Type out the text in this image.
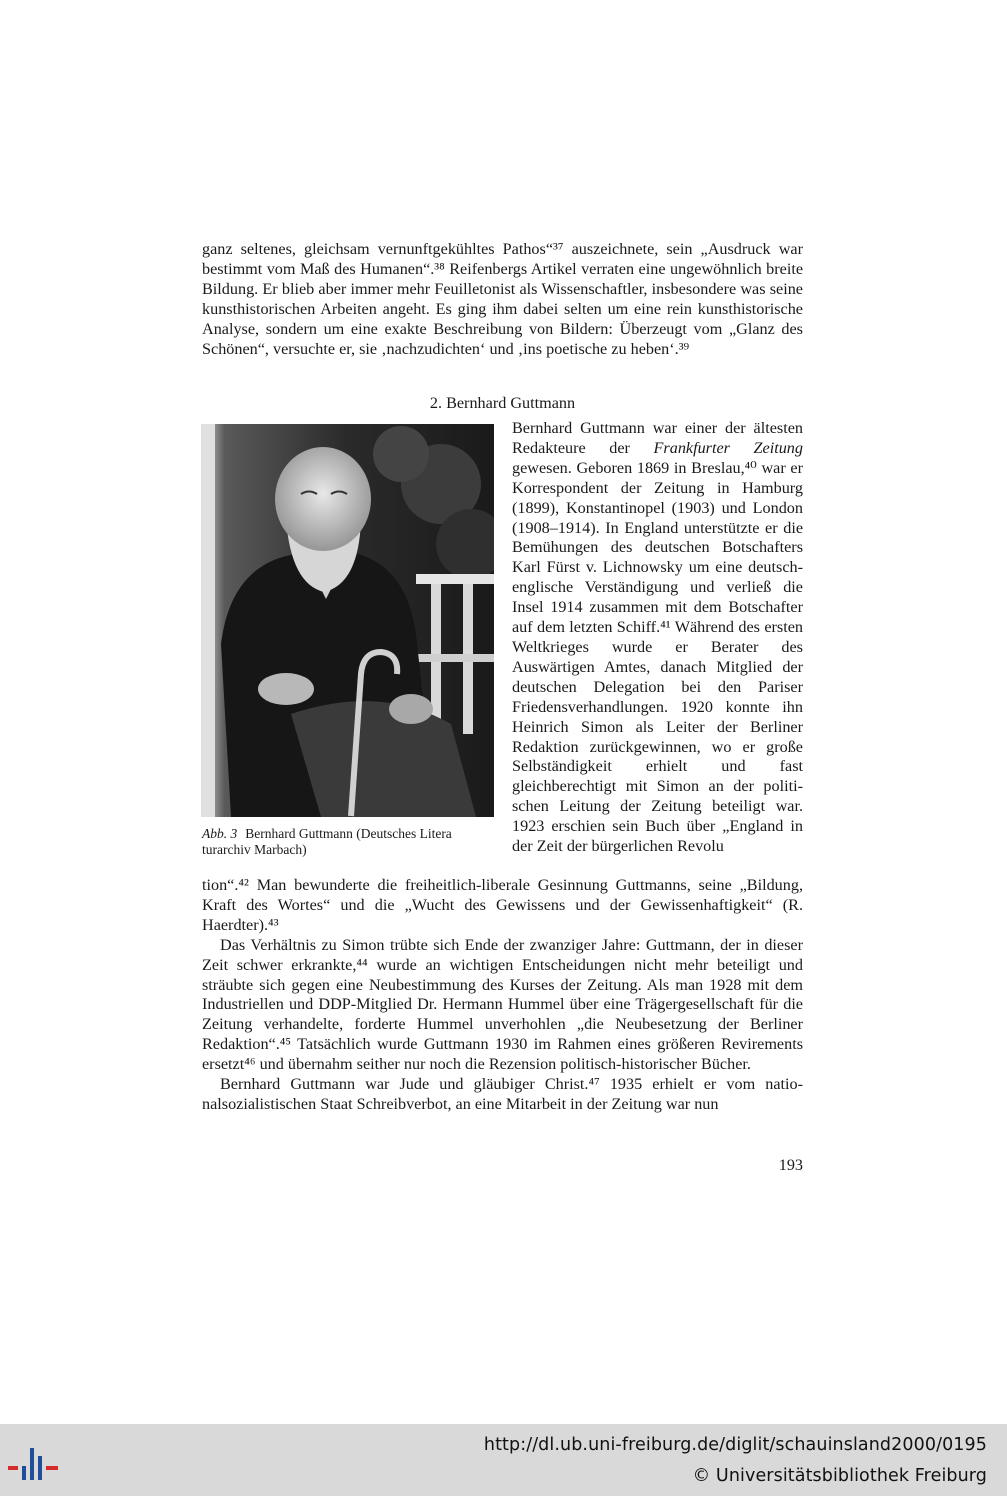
ganz seltenes, gleichsam vernunftgekühltes Pathos“³⁷ auszeichnete, sein „Ausdruck war bestimmt vom Maß des Humanen“.³⁸ Reifenbergs Artikel verraten eine ungewöhnlich breite Bildung. Er blieb aber immer mehr Feuilletonist als Wissenschaftler, insbesondere was seine kunsthistorischen Arbeiten angeht. Es ging ihm dabei selten um eine rein kunsthistorische Analyse, sondern um eine exakte Beschreibung von Bildern: Überzeugt vom „Glanz des Schönen“, versuchte er, sie ‚nachzudichten‘ und ‚ins poetische zu heben‘.³⁹

2. Bernhard Guttmann
Abb. 3 Bernhard Guttmann (Deutsches Litera turarchiv Marbach)

Bernhard Guttmann war einer der ältesten Redakteure der Frankfurter Zeitung gewesen. Geboren 1869 in Breslau,⁴⁰ war er Korrespondent der Zeitung in Hamburg (1899), Konstantinopel (1903) und London (1908–1914). In England unterstützte er die Bemühungen des deutschen Botschafters Karl Fürst v. Lichnowsky um eine deutsch-englische Verständigung und verließ die Insel 1914 zusammen mit dem Botschafter auf dem letzten Schiff.⁴¹ Während des ersten Weltkrieges wurde er Berater des Auswärtigen Amtes, danach Mitglied der deutschen Delegation bei den Pariser Friedensverhandlungen. 1920 konnte ihn Heinrich Simon als Leiter der Berliner Redaktion zurückgewinnen, wo er große Selbständigkeit erhielt und fast gleichberechtigt mit Simon an der politischen Leitung der Zeitung beteiligt war. 1923 erschien sein Buch über „England in der Zeit der bürgerlichen Revolu

tion“.⁴² Man bewunderte die freiheitlich-liberale Gesinnung Guttmanns, seine „Bildung, Kraft des Wortes“ und die „Wucht des Gewissens und der Gewissenhaftigkeit“ (R. Haerdter).⁴³

Das Verhältnis zu Simon trübte sich Ende der zwanziger Jahre: Guttmann, der in dieser Zeit schwer erkrankte,⁴⁴ wurde an wichtigen Entscheidungen nicht mehr beteiligt und sträubte sich gegen eine Neubestimmung des Kurses der Zeitung. Als man 1928 mit dem Industriellen und DDP-Mitglied Dr. Hermann Hummel über eine Trägergesellschaft für die Zeitung verhandelte, forderte Hummel unverhohlen „die Neubesetzung der Berliner Redaktion“.⁴⁵ Tatsächlich wurde Guttmann 1930 im Rahmen eines größeren Revirements ersetzt⁴⁶ und übernahm seither nur noch die Rezension politisch-historischer Bücher.

Bernhard Guttmann war Jude und gläubiger Christ.⁴⁷ 1935 erhielt er vom nationalsozialistischen Staat Schreibverbot, an eine Mitarbeit in der Zeitung war nun

193
http://dl.ub.uni-freiburg.de/diglit/schauinsland2000/0195
© Universitätsbibliothek Freiburg
